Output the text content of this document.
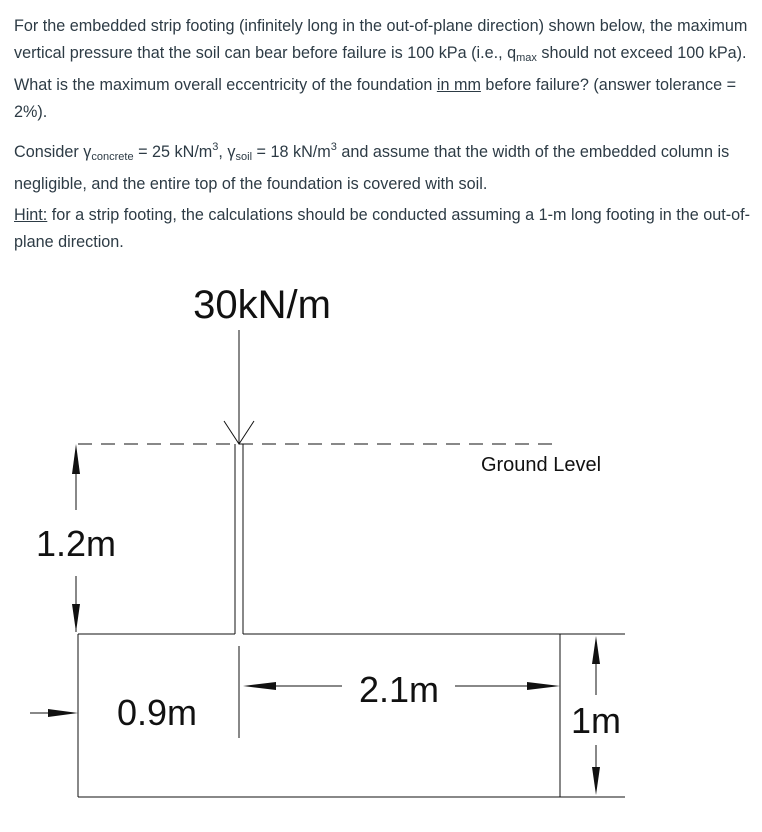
For the embedded strip footing (infinitely long in the out-of-plane direction) shown below, the maximum vertical pressure that the soil can bear before failure is 100 kPa (i.e., $q_{max}$ should not exceed 100 kPa). What is the maximum overall eccentricity of the foundation in mm before failure? (answer tolerance = 2%).

Consider $\gamma_{concrete} = 25$ $kN/m^3$, $\gamma_{soil} = 18$ $kN/m^3$ and assume that the width of the embedded column is negligible, and the entire top of the foundation is covered with soil.

Hint: for a strip footing, the calculations should be conducted assuming a 1-m long footing in the out-of-plane direction.

30kN/m
Ground Level
1.2m
0.9m
2.1m
1m
